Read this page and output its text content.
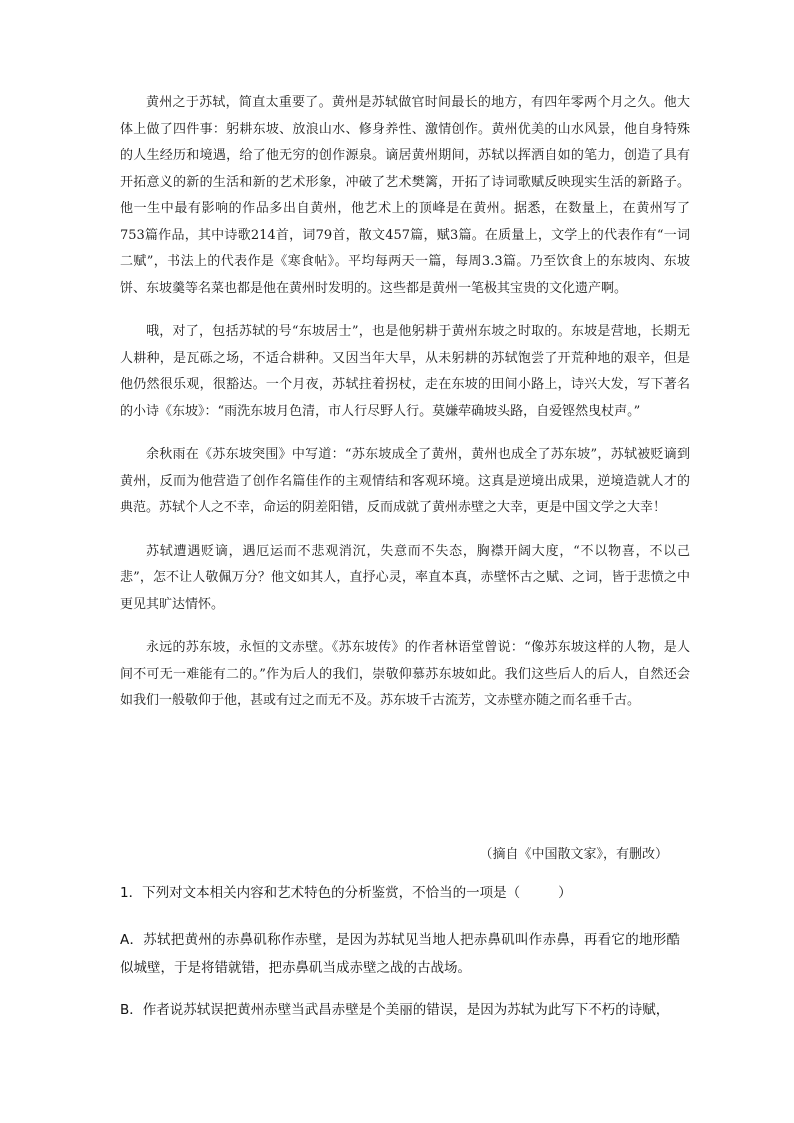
黄州之于苏轼，简直太重要了。黄州是苏轼做官时间最长的地方，有四年零两个月之久。他大体上做了四件事：躬耕东坡、放浪山水、修身养性、激情创作。黄州优美的山水风景，他自身特殊的人生经历和境遇，给了他无穷的创作源泉。谪居黄州期间，苏轼以挥洒自如的笔力，创造了具有开拓意义的新的生活和新的艺术形象，冲破了艺术樊篱，开拓了诗词歌赋反映现实生活的新路子。他一生中最有影响的作品多出自黄州，他艺术上的顶峰是在黄州。据悉，在数量上，在黄州写了753篇作品，其中诗歌214首，词79首，散文457篇，赋3篇。在质量上，文学上的代表作有“一词二赋”，书法上的代表作是《寒食帖》。平均每两天一篇，每周3.3篇。乃至饮食上的东坡肉、东坡饼、东坡羹等名菜也都是他在黄州时发明的。这些都是黄州一笔极其宝贵的文化遗产啊。

哦，对了，包括苏轼的号“东坡居士”，也是他躬耕于黄州东坡之时取的。东坡是营地，长期无人耕种，是瓦砾之场，不适合耕种。又因当年大旱，从未躬耕的苏轼饱尝了开荒种地的艰辛，但是他仍然很乐观，很豁达。一个月夜，苏轼拄着拐杖，走在东坡的田间小路上，诗兴大发，写下著名的小诗《东坡》：“雨洗东坡月色清，市人行尽野人行。莫嫌荦确坡头路，自爱铿然曳杖声。”

余秋雨在《苏东坡突围》中写道：“苏东坡成全了黄州，黄州也成全了苏东坡”，苏轼被贬谪到黄州，反而为他营造了创作名篇佳作的主观情结和客观环境。这真是逆境出成果，逆境造就人才的典范。苏轼个人之不幸，命运的阴差阳错，反而成就了黄州赤壁之大幸，更是中国文学之大幸！

苏轼遭遇贬谪，遇厄运而不悲观消沉，失意而不失态，胸襟开阔大度，“不以物喜，不以己悲”，怎不让人敬佩万分？他文如其人，直抒心灵，率直本真，赤壁怀古之赋、之词，皆于悲愤之中更见其旷达情怀。

永远的苏东坡，永恒的文赤壁。《苏东坡传》的作者林语堂曾说：“像苏东坡这样的人物，是人间不可无一难能有二的。”作为后人的我们，崇敬仰慕苏东坡如此。我们这些后人的后人，自然还会如我们一般敬仰于他，甚或有过之而无不及。苏东坡千古流芳，文赤壁亦随之而名垂千古。

（摘自《中国散文家》，有删改）
1．下列对文本相关内容和艺术特色的分析鉴赏，不恰当的一项是（	）
A．苏轼把黄州的赤鼻矶称作赤壁，是因为苏轼见当地人把赤鼻矶叫作赤鼻，再看它的地形酷似城壁，于是将错就错，把赤鼻矶当成赤壁之战的古战场。
B．作者说苏轼误把黄州赤壁当武昌赤壁是个美丽的错误，是因为苏轼为此写下不朽的诗赋，
